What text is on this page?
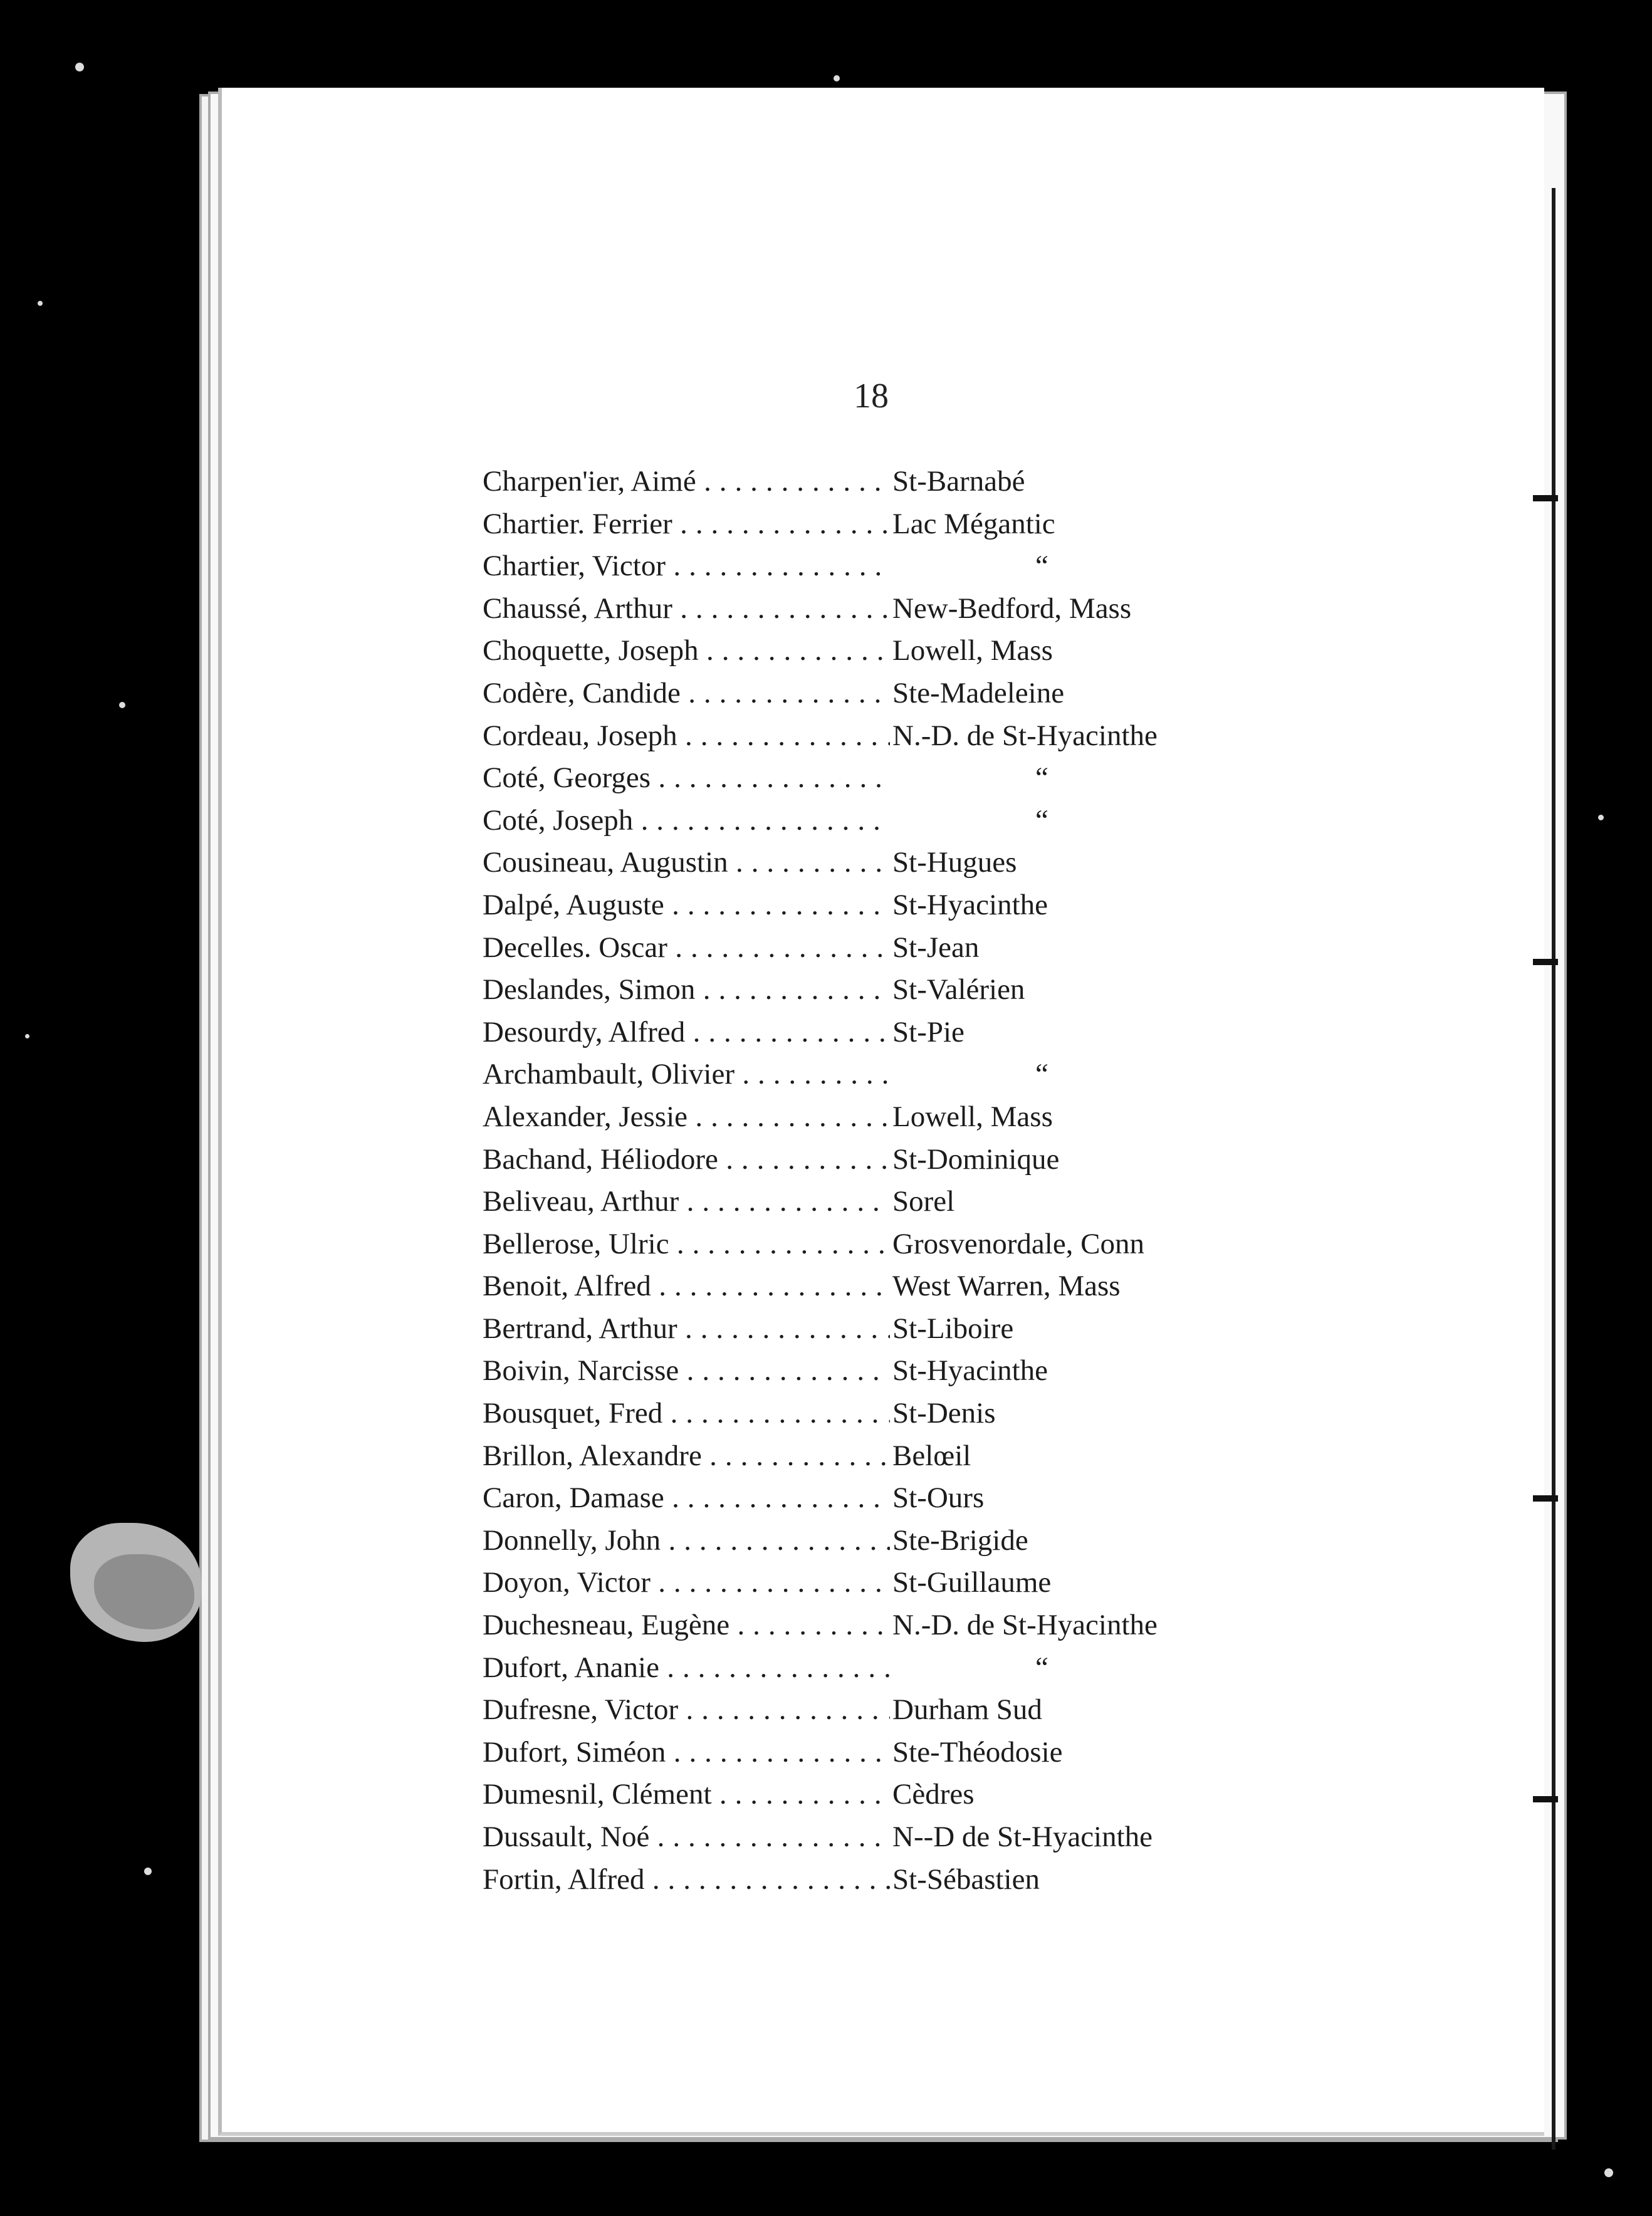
18
Charpen'ier, Aimé . . .	St-Barnabé
Chartier. Ferrier . . .	Lac Mégantic
Chartier, Victor . . .	“
Chaussé, Arthur . . .	New-Bedford, Mass
Choquette, Joseph . . .	Lowell, Mass
Codère, Candide . . .	Ste-Madeleine
Cordeau, Joseph . . .	N.-D. de St-Hyacinthe
Coté, Georges . . .	“
Coté, Joseph . . .	“
Cousineau, Augustin . . .	St-Hugues
Dalpé, Auguste . . .	St-Hyacinthe
Decelles. Oscar . . .	St-Jean
Deslandes, Simon . . .	St-Valérien
Desourdy, Alfred . . .	St-Pie
Archambault, Olivier . . .	“
Alexander, Jessie . . .	Lowell, Mass
Bachand, Héliodore . . .	St-Dominique
Beliveau, Arthur . . .	Sorel
Bellerose, Ulric . . .	Grosvenordale, Conn
Benoit, Alfred . . .	West Warren, Mass
Bertrand, Arthur . . .	St-Liboire
Boivin, Narcisse . . .	St-Hyacinthe
Bousquet, Fred . . .	St-Denis
Brillon, Alexandre . . .	Belœil
Caron, Damase . . .	St-Ours
Donnelly, John . . .	Ste-Brigide
Doyon, Victor . . .	St-Guillaume
Duchesneau, Eugène . . .	N.-D. de St-Hyacinthe
Dufort, Ananie . . .	“
Dufresne, Victor . . .	Durham Sud
Dufort, Siméon . . .	Ste-Théodosie
Dumesnil, Clément . . .	Cèdres
Dussault, Noé . . .	N--D de St-Hyacinthe
Fortin, Alfred . . .	St-Sébastien
